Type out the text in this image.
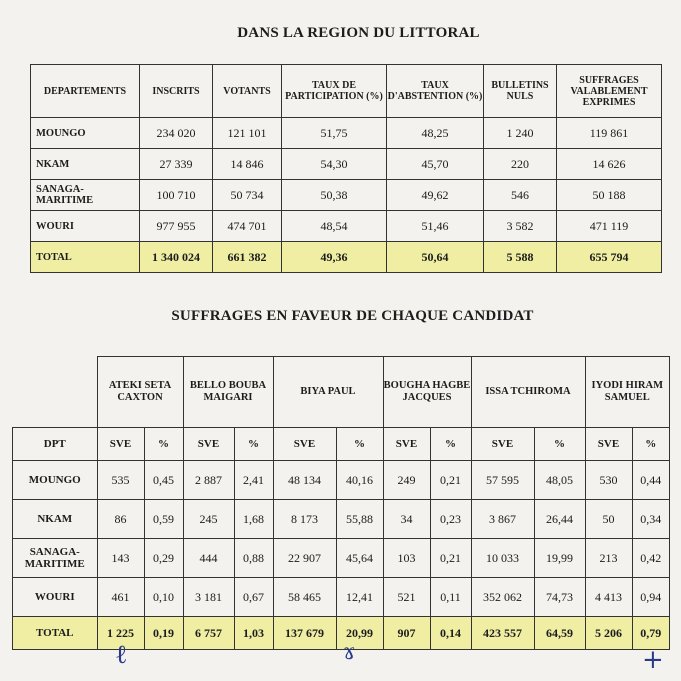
DANS LA REGION DU LITTORAL
DEPARTEMENTS	INSCRITS	VOTANTS	TAUX DE PARTICIPATION (%)	TAUX D'ABSTENTION (%)	BULLETINS NULS	SUFFRAGES VALABLEMENT EXPRIMES
MOUNGO	234 020	121 101	51,75	48,25	1 240	119 861
NKAM	27 339	14 846	54,30	45,70	220	14 626
SANAGA-MARITIME	100 710	50 734	50,38	49,62	546	50 188
WOURI	977 955	474 701	48,54	51,46	3 582	471 119
TOTAL	1 340 024	661 382	49,36	50,64	5 588	655 794
SUFFRAGES EN FAVEUR DE CHAQUE CANDIDAT
	ATEKI SETA CAXTON		BELLO BOUBA MAIGARI		BIYA PAUL		BOUGHA HAGBE JACQUES		ISSA TCHIROMA		IYODI HIRAM SAMUEL	
DPT	SVE	%	SVE	%	SVE	%	SVE	%	SVE	%	SVE	%
MOUNGO	535	0,45	2 887	2,41	48 134	40,16	249	0,21	57 595	48,05	530	0,44
NKAM	86	0,59	245	1,68	8 173	55,88	34	0,23	3 867	26,44	50	0,34
SANAGA-MARITIME	143	0,29	444	0,88	22 907	45,64	103	0,21	10 033	19,99	213	0,42
WOURI	461	0,10	3 181	0,67	58 465	12,41	521	0,11	352 062	74,73	4 413	0,94
TOTAL	1 225	0,19	6 757	1,03	137 679	20,99	907	0,14	423 557	64,59	5 206	0,79
ℓ	ɤ	+
